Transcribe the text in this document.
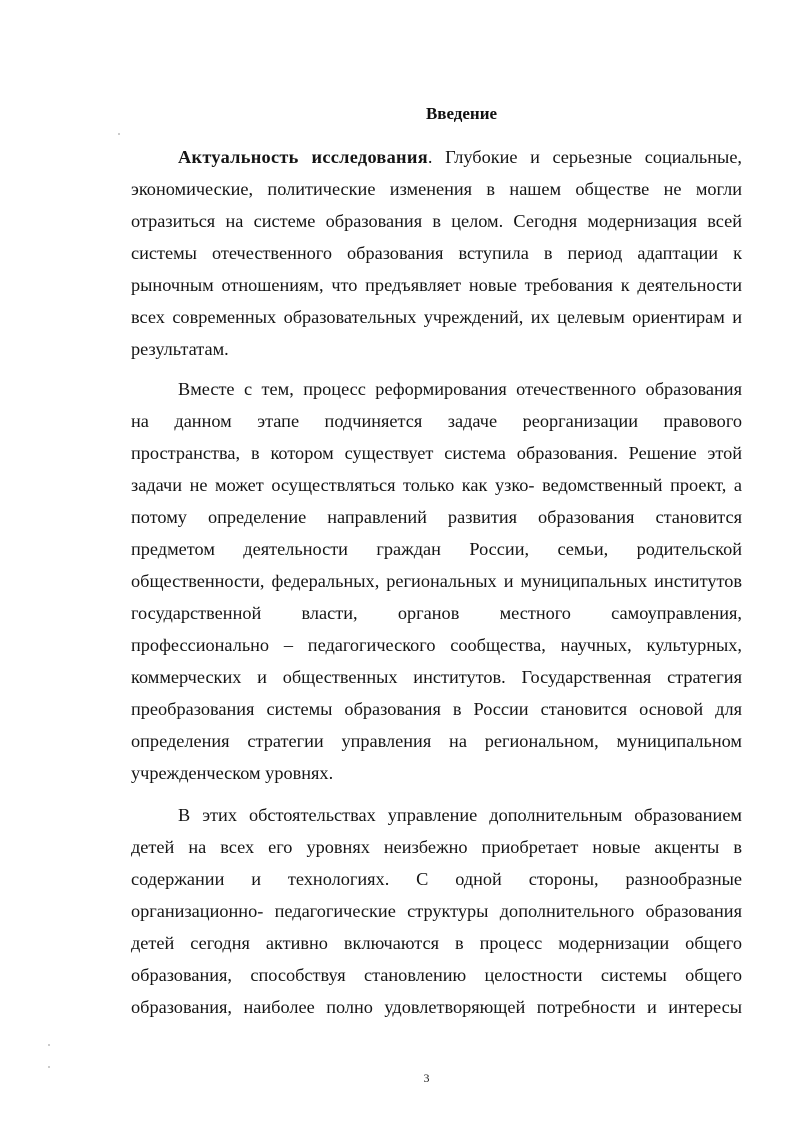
Введение
Актуальность исследования. Глубокие и серьезные социальные,
экономические, политические изменения в нашем обществе не могли
отразиться на системе образования в целом. Сегодня модернизация всей
системы отечественного образования вступила в период адаптации к
рыночным отношениям, что предъявляет новые требования к деятельности
всех современных образовательных учреждений, их целевым ориентирам и
результатам.
Вместе с тем, процесс реформирования отечественного образования
на данном этапе подчиняется задаче реорганизации правового
пространства, в котором существует система образования. Решение этой
задачи не может осуществляться только как узко- ведомственный проект, а
потому определение направлений развития образования становится
предметом деятельности граждан России, семьи, родительской
общественности, федеральных, региональных и муниципальных институтов
государственной власти, органов местного самоуправления,
профессионально – педагогического сообщества, научных, культурных,
коммерческих и общественных институтов. Государственная стратегия
преобразования системы образования в России становится основой для
определения стратегии управления на региональном, муниципальном
учрежденческом уровнях.
В этих обстоятельствах управление дополнительным образованием
детей на всех его уровнях неизбежно приобретает новые акценты в
содержании и технологиях. С одной стороны, разнообразные
организационно- педагогические структуры дополнительного образования
детей сегодня активно включаются в процесс модернизации общего
образования, способствуя становлению целостности системы общего
образования, наиболее полно удовлетворяющей потребности и интересы
3
